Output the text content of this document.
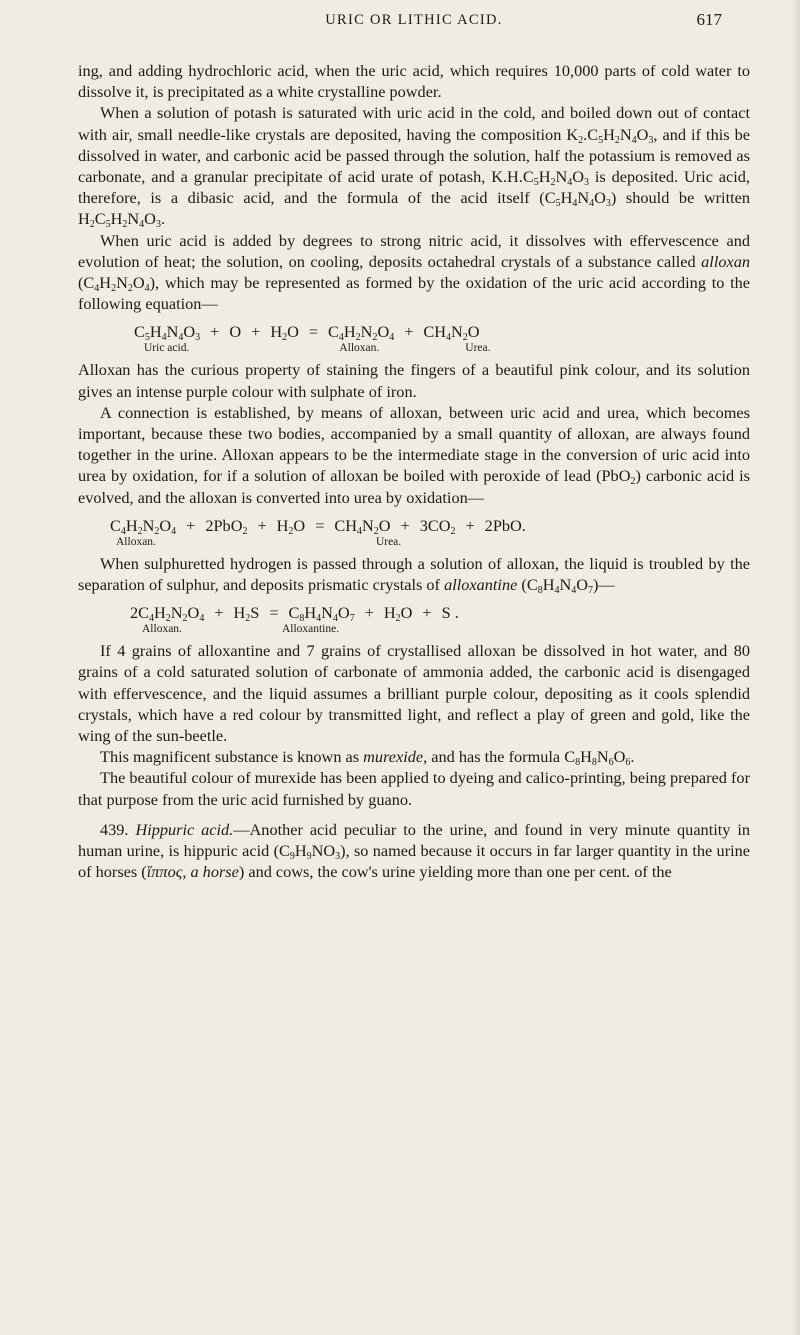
URIC OR LITHIC ACID.	617

ing, and adding hydrochloric acid, when the uric acid, which requires 10,000 parts of cold water to dissolve it, is precipitated as a white crystalline powder.

When a solution of potash is saturated with uric acid in the cold, and boiled down out of contact with air, small needle-like crystals are deposited, having the composition $K_2.C_5H_2N_4O_3$, and if this be dissolved in water, and carbonic acid be passed through the solution, half the potassium is removed as carbonate, and a granular precipitate of acid urate of potash, $K.H.C_5H_2N_4O_3$ is deposited. Uric acid, therefore, is a dibasic acid, and the formula of the acid itself $(C_5H_4N_4O_3)$ should be written $H_2C_5H_2N_4O_3$.

When uric acid is added by degrees to strong nitric acid, it dissolves with effervescence and evolution of heat; the solution, on cooling, deposits octahedral crystals of a substance called alloxan $(C_4H_2N_2O_4)$, which may be represented as formed by the oxidation of the uric acid according to the following equation—

$C_5H_4N_4O_3 + O + H_2O = C_4H_2N_2O_4 + CH_4N_2O$
Uric acid.	Alloxan.	Urea.

Alloxan has the curious property of staining the fingers of a beautiful pink colour, and its solution gives an intense purple colour with sulphate of iron.

A connection is established, by means of alloxan, between uric acid and urea, which becomes important, because these two bodies, accompanied by a small quantity of alloxan, are always found together in the urine. Alloxan appears to be the intermediate stage in the conversion of uric acid into urea by oxidation, for if a solution of alloxan be boiled with peroxide of lead (PbO$_2$) carbonic acid is evolved, and the alloxan is converted into urea by oxidation—

$C_4H_2N_2O_4 + 2PbO_2 + H_2O = CH_4N_2O + 3CO_2 + 2PbO$.
Alloxan.	Urea.

When sulphuretted hydrogen is passed through a solution of alloxan, the liquid is troubled by the separation of sulphur, and deposits prismatic crystals of alloxantine $(C_8H_4N_4O_7)—$

$2C_4H_2N_2O_4 + H_2S = C_8H_4N_4O_7 + H_2O + S$ .
Alloxan.	Alloxantine.

If 4 grains of alloxantine and 7 grains of crystallised alloxan be dissolved in hot water, and 80 grains of a cold saturated solution of carbonate of ammonia added, the carbonic acid is disengaged with effervescence, and the liquid assumes a brilliant purple colour, depositing as it cools splendid crystals, which have a red colour by transmitted light, and reflect a play of green and gold, like the wing of the sun-beetle.

This magnificent substance is known as murexide, and has the formula $C_8H_8N_6O_6$.

The beautiful colour of murexide has been applied to dyeing and calico-printing, being prepared for that purpose from the uric acid furnished by guano.

439. Hippuric acid.—Another acid peculiar to the urine, and found in very minute quantity in human urine, is hippuric acid $(C_9H_9NO_3)$, so named because it occurs in far larger quantity in the urine of horses (ἵππος, a horse) and cows, the cow's urine yielding more than one per cent. of the
